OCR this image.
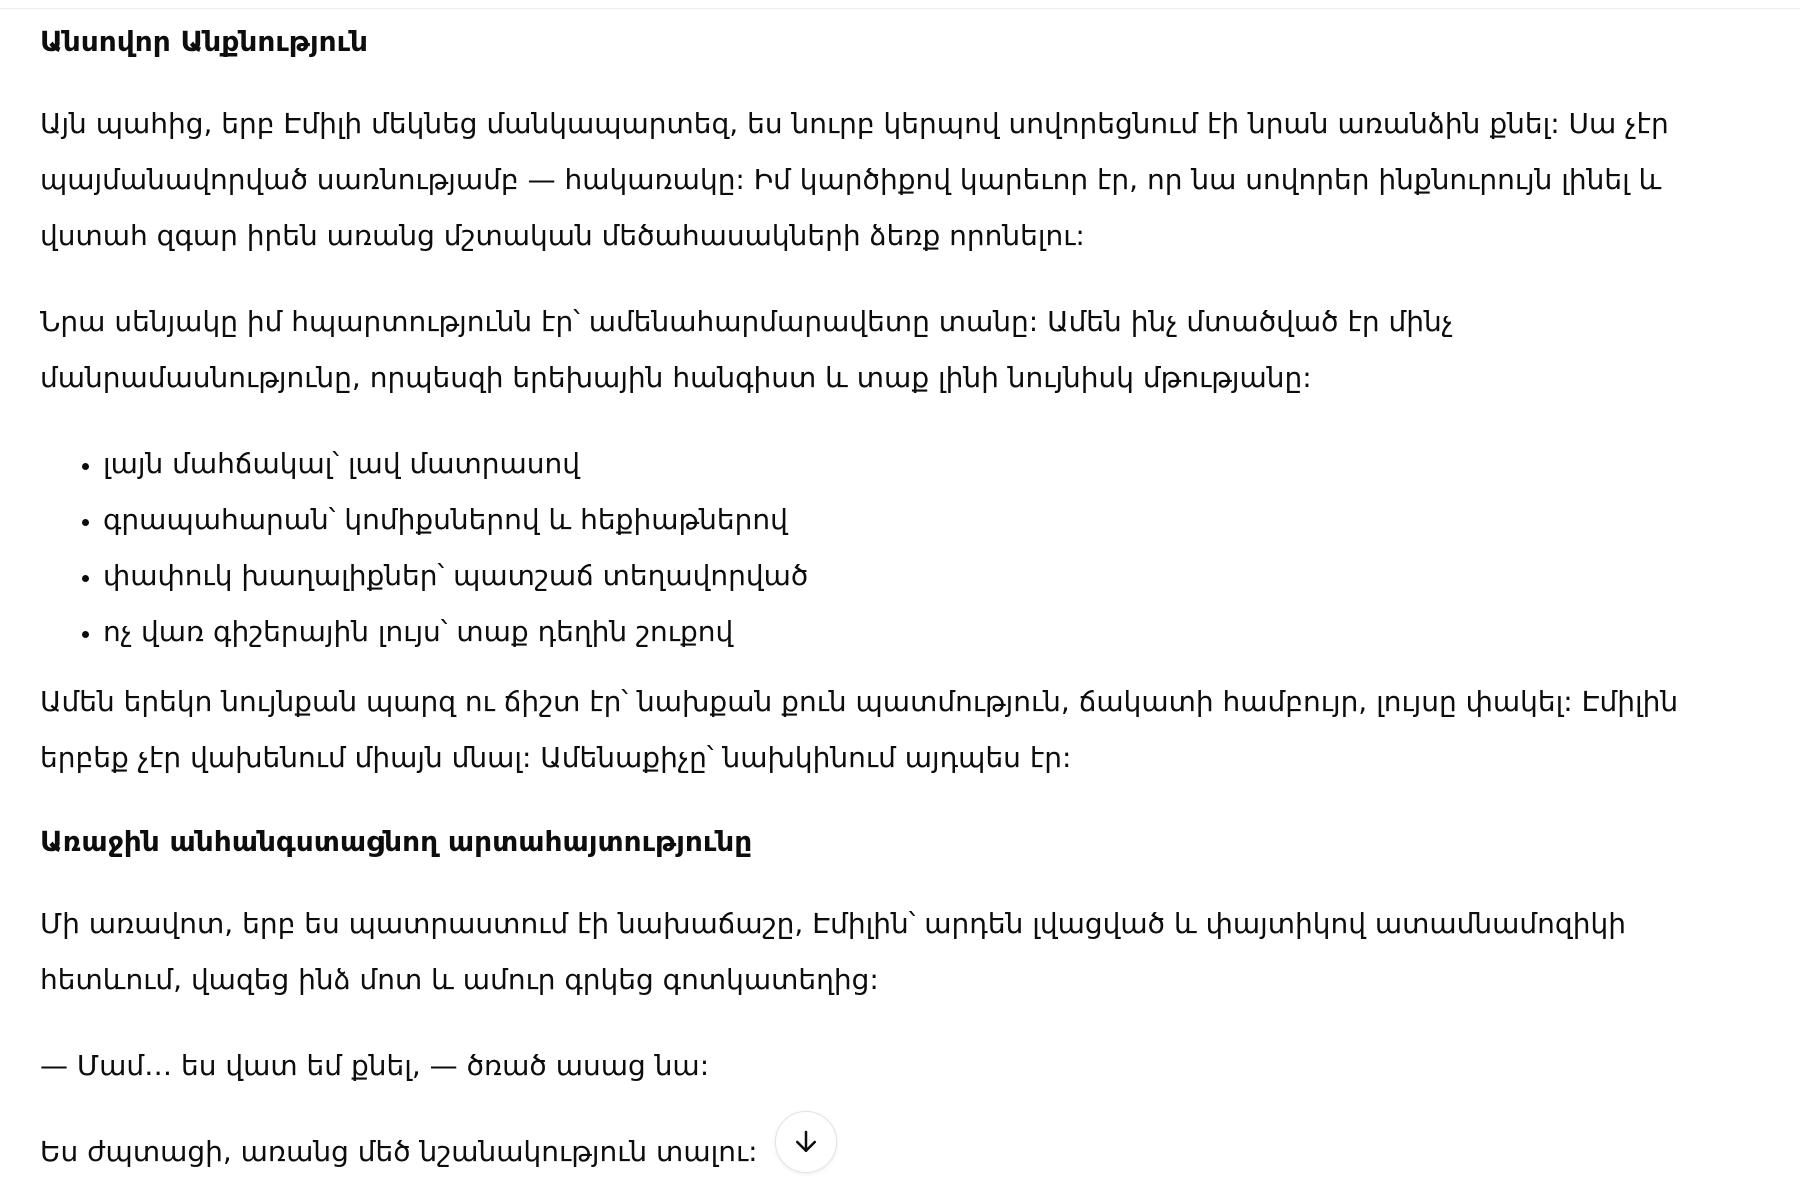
Անսովոր Անքնություն

Այն պահից, երբ Էմիլի մեկնեց մանկապարտեզ, ես նուրբ կերպով սովորեցնում էի նրան առանձին քնել: Սա չէր պայմանավորված սառնությամբ — հակառակը: Իմ կարծիքով կարեւոր էր, որ նա սովորեր ինքնուրույն լինել և վստահ զգար իրեն առանց մշտական մեծահասակների ձեռք որոնելու:

Նրա սենյակը իմ հպարտությունն էր՝ ամենահարմարավետը տանը: Ամեն ինչ մտածված էր մինչ մանրամասնությունը, որպեսզի երեխային հանգիստ և տաք լինի նույնիսկ մթությանը:

• լայն մահճակալ՝ լավ մատրասով
• գրապահարան՝ կոմիքսներով և հեքիաթներով
• փափուկ խաղալիքներ՝ պատշաճ տեղավորված
• ոչ վառ գիշերային լույս՝ տաք դեղին շուքով

Ամեն երեկո նույնքան պարզ ու ճիշտ էր՝ նախքան քուն պատմություն, ճակատի համբույր, լույսը փակել: Էմիլին երբեք չէր վախենում միայն մնալ: Ամենաքիչը՝ նախկինում այդպես էր:

Առաջին անհանգստացնող արտահայտությունը

Մի առավոտ, երբ ես պատրաստում էի նախաճաշը, Էմիլին՝ արդեն լվացված և փայտիկով ատամնամոզիկի հետևում, վազեց ինձ մոտ և ամուր գրկեց գոտկատեղից:

— Մամ… ես վատ եմ քնել, — ծռած ասաց նա:

Ես ժպտացի, առանց մեծ նշանակություն տալու:
